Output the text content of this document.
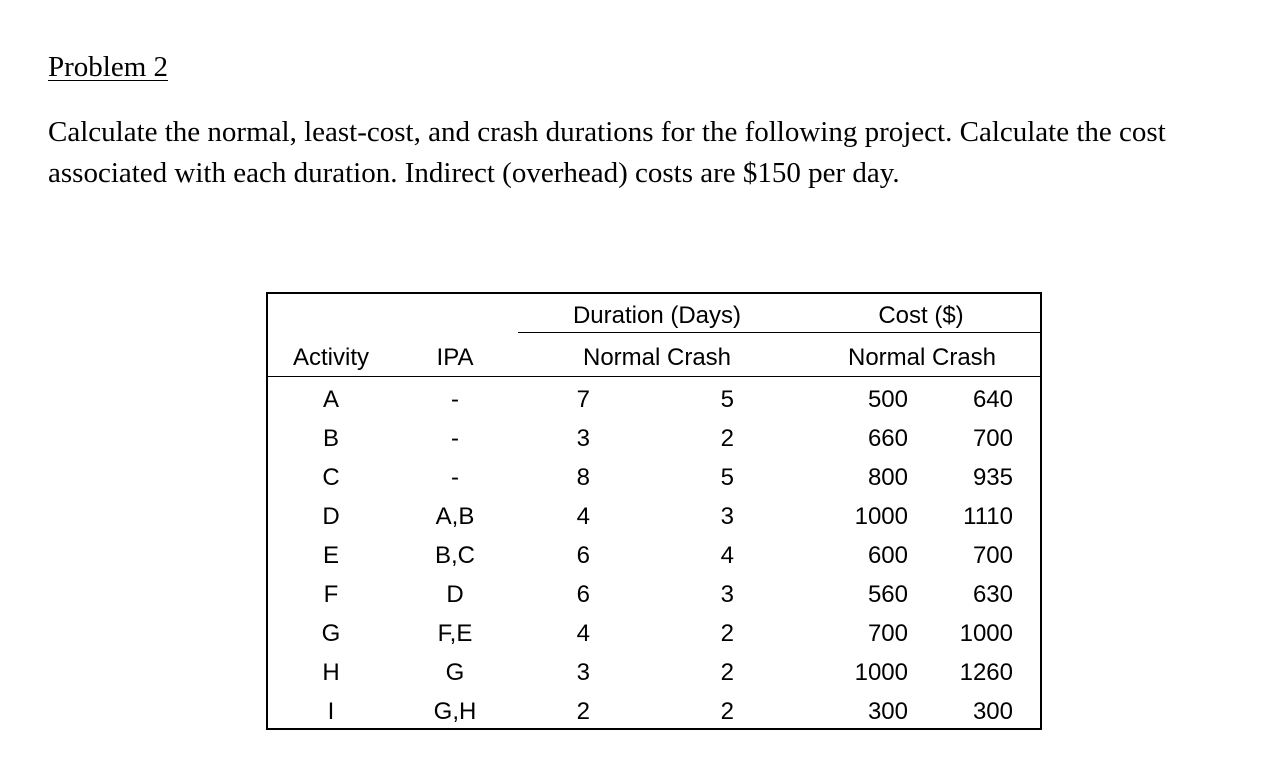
Problem 2
Calculate the normal, least-cost, and crash durations for the following project. Calculate the cost
associated with each duration. Indirect (overhead) costs are $150 per day.
Duration (Days)	Cost ($)
Activity	IPA	Normal Crash	Normal Crash
A	-	7	5	500	640
B	-	3	2	660	700
C	-	8	5	800	935
D	A,B	4	3	1000 1110
E	B,C	6	4	600	700
F	D	6	3	560	630
G	F,E	4	2	700 1000
H	G	3	2	1000 1260
I	G,H	2	2	300	300
